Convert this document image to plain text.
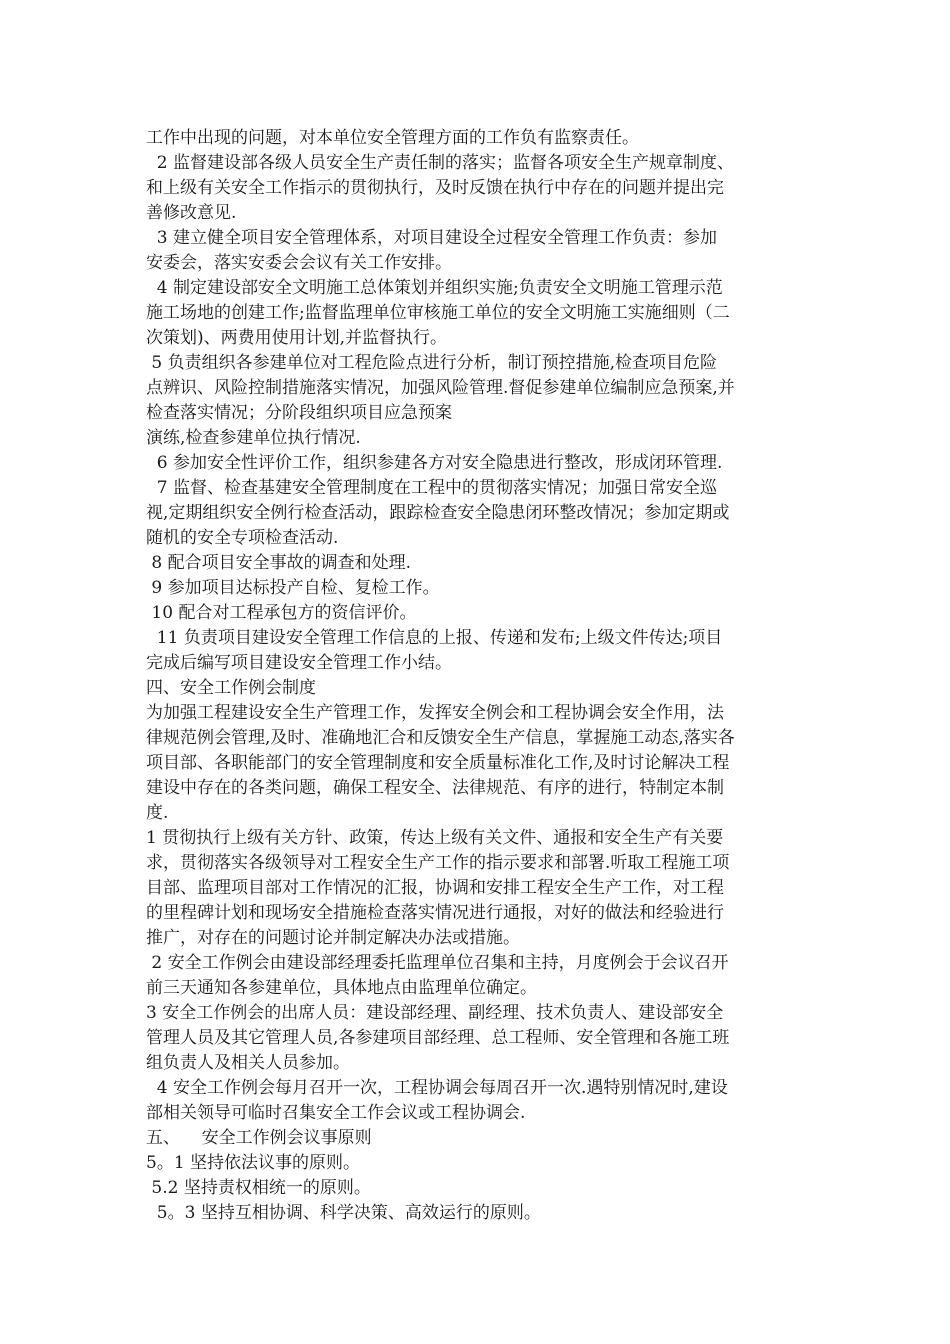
工作中出现的问题，对本单位安全管理方面的工作负有监察责任。
2 监督建设部各级人员安全生产责任制的落实；监督各项安全生产规章制度、
和上级有关安全工作指示的贯彻执行，及时反馈在执行中存在的问题并提出完
善修改意见.
3 建立健全项目安全管理体系，对项目建设全过程安全管理工作负责：参加
安委会，落实安委会会议有关工作安排。
4 制定建设部安全文明施工总体策划并组织实施;负责安全文明施工管理示范
施工场地的创建工作;监督监理单位审核施工单位的安全文明施工实施细则（二
次策划)、两费用使用计划,并监督执行。
5 负责组织各参建单位对工程危险点进行分析，制订预控措施,检查项目危险
点辨识、风险控制措施落实情况，加强风险管理.督促参建单位编制应急预案,并
检查落实情况；分阶段组织项目应急预案
演练,检查参建单位执行情况.
6 参加安全性评价工作，组织参建各方对安全隐患进行整改，形成闭环管理.
7 监督、检查基建安全管理制度在工程中的贯彻落实情况；加强日常安全巡
视,定期组织安全例行检查活动，跟踪检查安全隐患闭环整改情况；参加定期或
随机的安全专项检查活动.
8 配合项目安全事故的调查和处理.
9 参加项目达标投产自检、复检工作。
10 配合对工程承包方的资信评价。
11 负责项目建设安全管理工作信息的上报、传递和发布;上级文件传达;项目
完成后编写项目建设安全管理工作小结。
四、安全工作例会制度
为加强工程建设安全生产管理工作，发挥安全例会和工程协调会安全作用，法
律规范例会管理,及时、准确地汇合和反馈安全生产信息，掌握施工动态,落实各
项目部、各职能部门的安全管理制度和安全质量标准化工作,及时讨论解决工程
建设中存在的各类问题，确保工程安全、法律规范、有序的进行，特制定本制
度.
1 贯彻执行上级有关方针、政策，传达上级有关文件、通报和安全生产有关要
求，贯彻落实各级领导对工程安全生产工作的指示要求和部署.听取工程施工项
目部、监理项目部对工作情况的汇报，协调和安排工程安全生产工作，对工程
的里程碑计划和现场安全措施检查落实情况进行通报，对好的做法和经验进行
推广，对存在的问题讨论并制定解决办法或措施。
2 安全工作例会由建设部经理委托监理单位召集和主持，月度例会于会议召开
前三天通知各参建单位，具体地点由监理单位确定。
3 安全工作例会的出席人员：建设部经理、副经理、技术负责人、建设部安全
管理人员及其它管理人员,各参建项目部经理、总工程师、安全管理和各施工班
组负责人及相关人员参加。
4 安全工作例会每月召开一次，工程协调会每周召开一次.遇特别情况时,建设
部相关领导可临时召集安全工作会议或工程协调会.
五、    安全工作例会议事原则
5。1 坚持依法议事的原则。
5.2 坚持责权相统一的原则。
5。3 坚持互相协调、科学决策、高效运行的原则。
